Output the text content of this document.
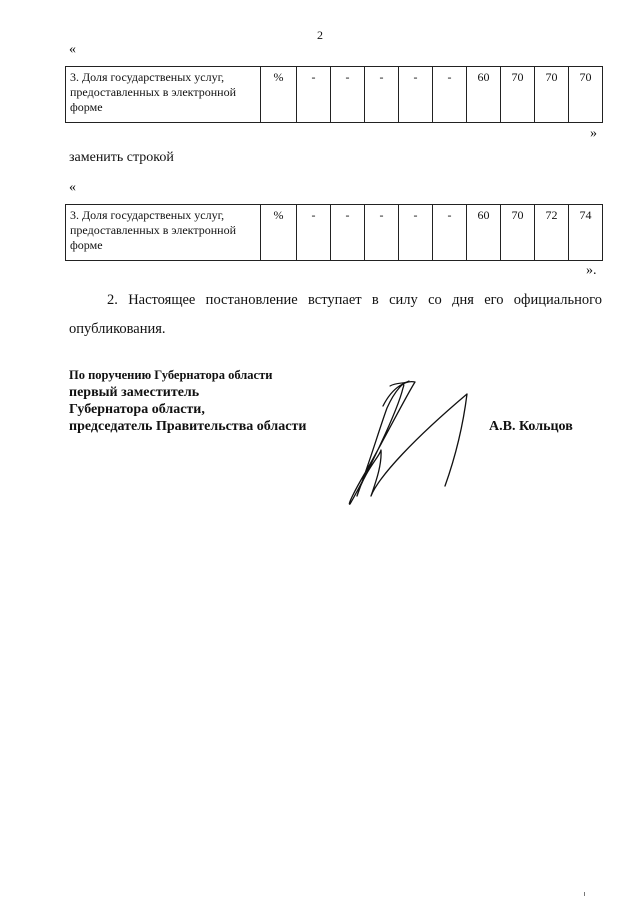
2
«
3. Доля государственых услуг, предоставленных в электронной форме	%	-	-	-	-	-	60	70	70	70
»
заменить строкой
«
3. Доля государственых услуг, предоставленных в электронной форме	%	-	-	-	-	-	60	70	72	74
».
2. Настоящее постановление вступает в силу со дня его официального опубликования.
По поручению Губернатора области
первый заместитель
Губернатора области,
председатель Правительства области	А.В. Кольцов
